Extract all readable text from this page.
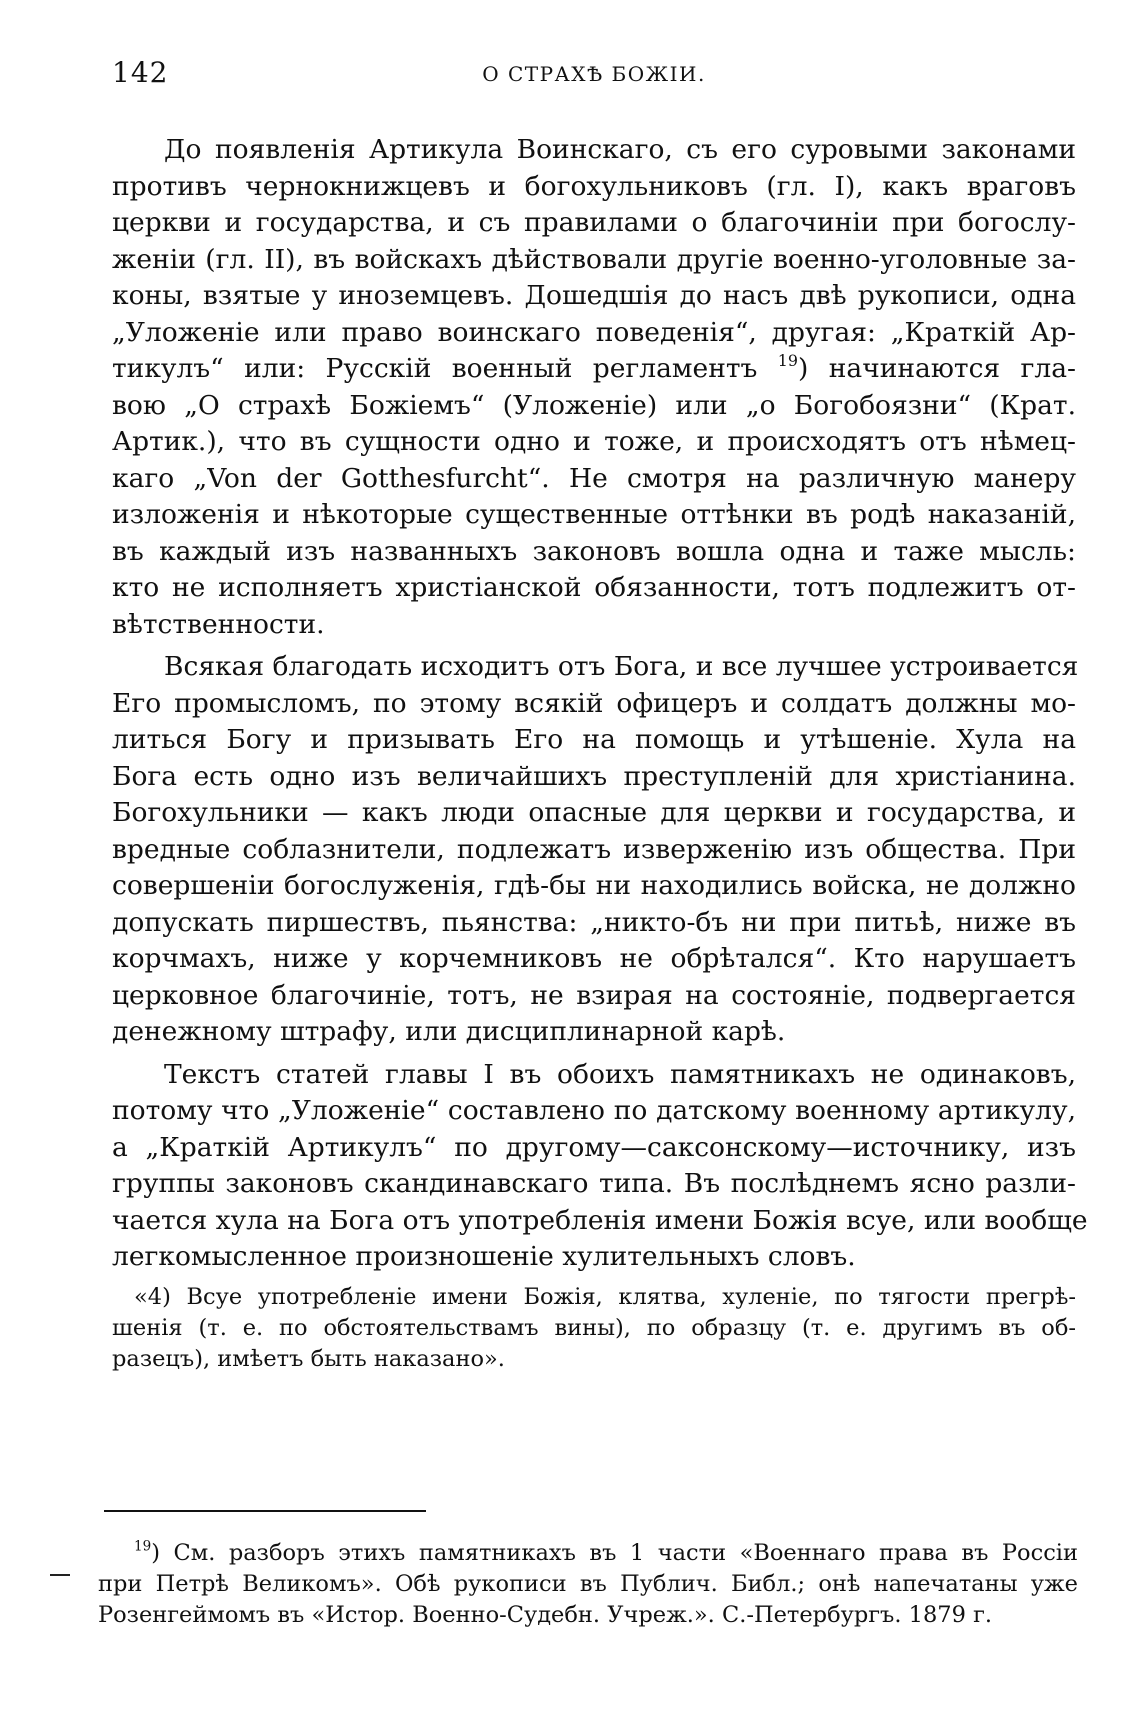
142	О СТРАХѢ БОЖIИ.
До появленiя Артикула Воинскаго, съ его суровыми законами
противъ чернокнижцевъ и богохульниковъ (гл. I), какъ враговъ
церкви и государства, и съ правилами о благочинiи при богослу-
женiи (гл. II), въ войскахъ дѣйствовали другiе военно-уголовные за-
коны, взятые у иноземцевъ. Дошедшiя до насъ двѣ рукописи, одна
„Уложенiе или право воинскаго поведенiя“, другая: „Краткiй Ар-
тикулъ“ или: Русскiй военный регламентъ $^{19}$) начинаются гла-
вою „О страхѣ Божiемъ“ (Уложенiе) или „о Богобоязни“ (Крат.
Артик.), что въ сущности одно и тоже, и происходятъ отъ нѣмец-
каго „Von der Gotthesfurcht“. Не смотря на различную манеру
изложенiя и нѣкоторые существенные оттѣнки въ родѣ наказанiй,
въ каждый изъ названныхъ законовъ вошла одна и таже мысль:
кто не исполняетъ христiанской обязанности, тотъ подлежитъ от-
вѣтственности.
Всякая благодать исходитъ отъ Бога, и все лучшее устроивается
Его промысломъ, по этому всякiй офицеръ и солдатъ должны мо-
литься Богу и призывать Его на помощь и утѣшенiе. Хула на
Бога есть одно изъ величайшихъ преступленiй для христiанина.
Богохульники — какъ люди опасные для церкви и государства, и
вредные соблазнители, подлежатъ изверженiю изъ общества. При
совершенiи богослуженiя, гдѣ-бы ни находились войска, не должно
допускать пиршествъ, пьянства: „никто-бъ ни при питьѣ, ниже въ
корчмахъ, ниже у корчемниковъ не обрѣтался“. Кто нарушаетъ
церковное благочинiе, тотъ, не взирая на состоянiе, подвергается
денежному штрафу, или дисциплинарной карѣ.
Текстъ статей главы I въ обоихъ памятникахъ не одинаковъ,
потому что „Уложенiе“ составлено по датскому военному артикулу,
а „Краткiй Артикулъ“ по другому—саксонскому—источнику, изъ
группы законовъ скандинавскаго типа. Въ послѣднемъ ясно разли-
чается хула на Бога отъ употребленiя имени Божiя всуе, или вообще
легкомысленное произношенiе хулительныхъ словъ.
«4) Всуе употребленiе имени Божiя, клятва, хуленiе, по тягости прегрѣ-
шенiя (т. е. по обстоятельствамъ вины), по образцу (т. е. другимъ въ об-
разецъ), имѣетъ быть наказано».
$^{19}$) См. разборъ этихъ памятникахъ въ 1 части «Военнаго права въ Россiи
при Петрѣ Великомъ». Обѣ рукописи въ Публич. Библ.; онѣ напечатаны уже
Розенгеймомъ въ «Истор. Военно-Судебн. Учреж.». С.-Петербургъ. 1879 г.
